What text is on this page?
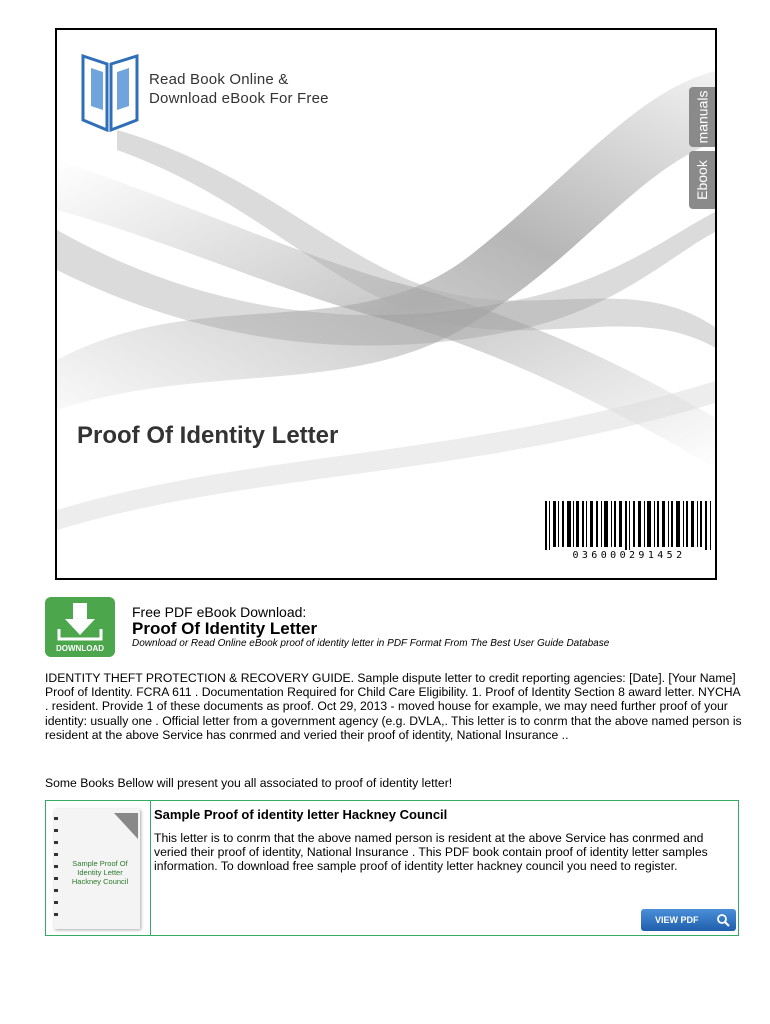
Read Book Online &
Download eBook For Free	manuals
Ebook
Proof Of Identity Letter
036000291452
DOWNLOAD
Free PDF eBook Download:
Proof Of Identity Letter
Download or Read Online eBook proof of identity letter in PDF Format From The Best User Guide Database
IDENTITY THEFT PROTECTION & RECOVERY GUIDE. Sample dispute letter to credit reporting agencies: [Date]. [Your Name] Proof of Identity. FCRA 611 . Documentation Required for Child Care Eligibility. 1. Proof of Identity Section 8 award letter. NYCHA . resident. Provide 1 of these documents as proof. Oct 29, 2013 - moved house for example, we may need further proof of your identity: usually one . Official letter from a government agency (e.g. DVLA,. This letter is to conrm that the above named person is resident at the above Service has conrmed and veried their proof of identity, National Insurance ..
Some Books Bellow will present you all associated to proof of identity letter!
Sample Proof Of Identity Letter Hackney Council
Sample Proof of identity letter Hackney Council
This letter is to conrm that the above named person is resident at the above Service has conrmed and veried their proof of identity, National Insurance . This PDF book contain proof of identity letter samples information. To download free sample proof of identity letter hackney council you need to register.
VIEW PDF
